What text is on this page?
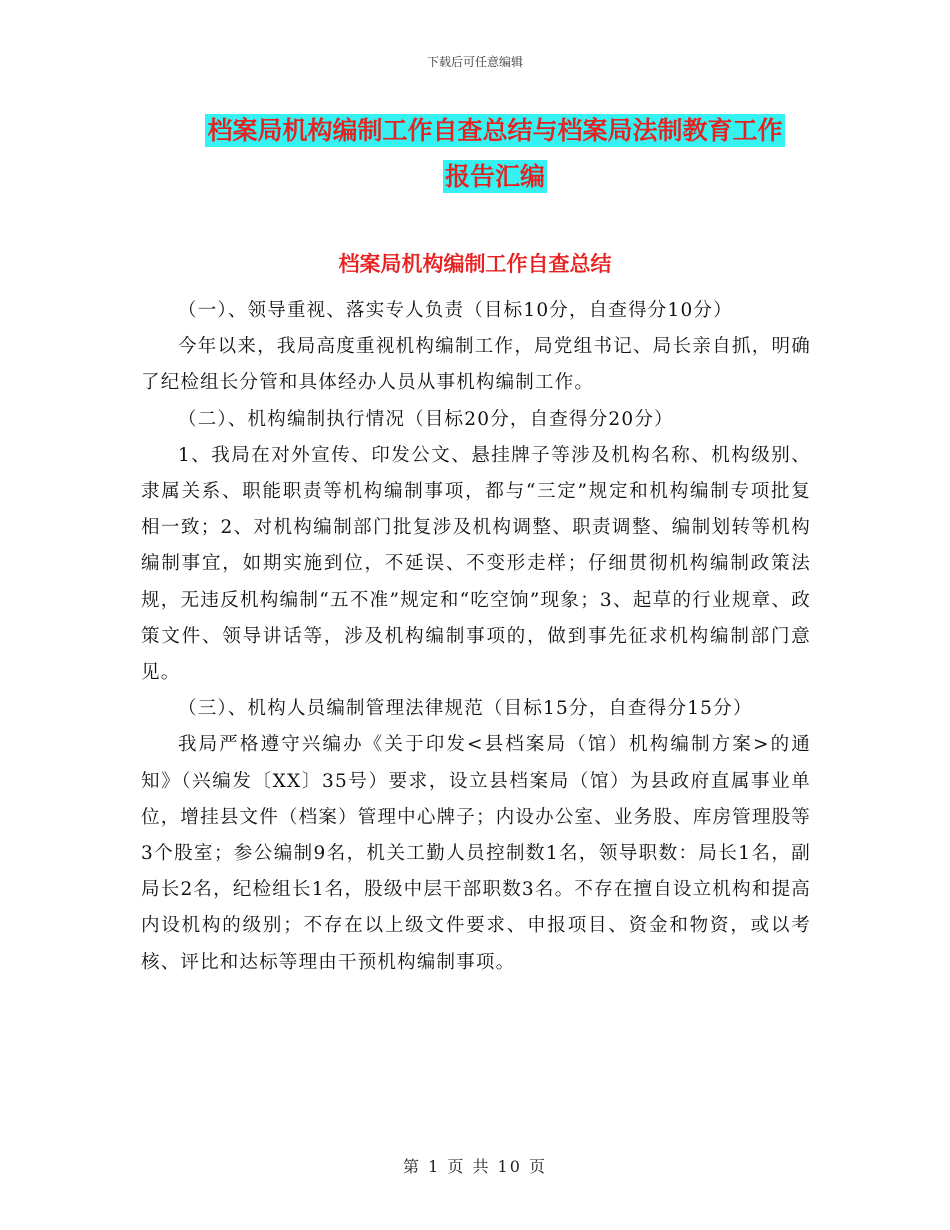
下载后可任意编辑
档案局机构编制工作自查总结与档案局法制教育工作
报告汇编
档案局机构编制工作自查总结

（一）、领导重视、落实专人负责（目标10分，自查得分10分）

今年以来，我局高度重视机构编制工作，局党组书记、局长亲自抓，明确了纪检组长分管和具体经办人员从事机构编制工作。

（二）、机构编制执行情况（目标20分，自查得分20分）

1、我局在对外宣传、印发公文、悬挂牌子等涉及机构名称、机构级别、隶属关系、职能职责等机构编制事项，都与“三定”规定和机构编制专项批复相一致；2、对机构编制部门批复涉及机构调整、职责调整、编制划转等机构编制事宜，如期实施到位，不延误、不变形走样；仔细贯彻机构编制政策法规，无违反机构编制“五不准”规定和“吃空饷”现象；3、起草的行业规章、政策文件、领导讲话等，涉及机构编制事项的，做到事先征求机构编制部门意见。

（三）、机构人员编制管理法律规范（目标15分，自查得分15分）

我局严格遵守兴编办《关于印发<县档案局（馆）机构编制方案>的通知》（兴编发〔XX〕35号）要求，设立县档案局（馆）为县政府直属事业单位，增挂县文件（档案）管理中心牌子；内设办公室、业务股、库房管理股等3个股室；参公编制9名，机关工勤人员控制数1名，领导职数：局长1名，副局长2名，纪检组长1名，股级中层干部职数3名。不存在擅自设立机构和提高内设机构的级别；不存在以上级文件要求、申报项目、资金和物资，或以考核、评比和达标等理由干预机构编制事项。

第 1 页 共 10 页
